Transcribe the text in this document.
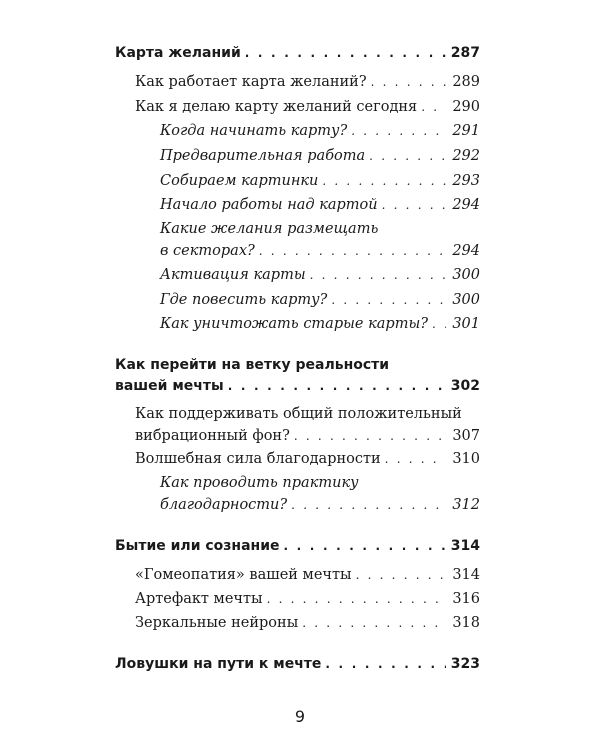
Карта желаний . . .	287
Как работает карта желаний? . . .	289
Как я делаю карту желаний сегодня . . .	290
Когда начинать карту? . . .	291
Предварительная работа . . .	292
Собираем картинки . . .	293
Начало работы над картой . . .	294
Какие желания размещать
в секторах? . . .	294
Активация карты . . .	300
Где повесить карту? . . .	300
Как уничтожать старые карты? . . .	301
Как перейти на ветку реальности
вашей мечты . . .	302
Как поддерживать общий положительный
вибрационный фон? . . .	307
Волшебная сила благодарности . . .	310
Как проводить практику
благодарности? . . .	312
Бытие или сознание . . .	314
«Гомеопатия» вашей мечты . . .	314
Артефакт мечты . . .	316
Зеркальные нейроны . . .	318
Ловушки на пути к мечте . . .	323
9
